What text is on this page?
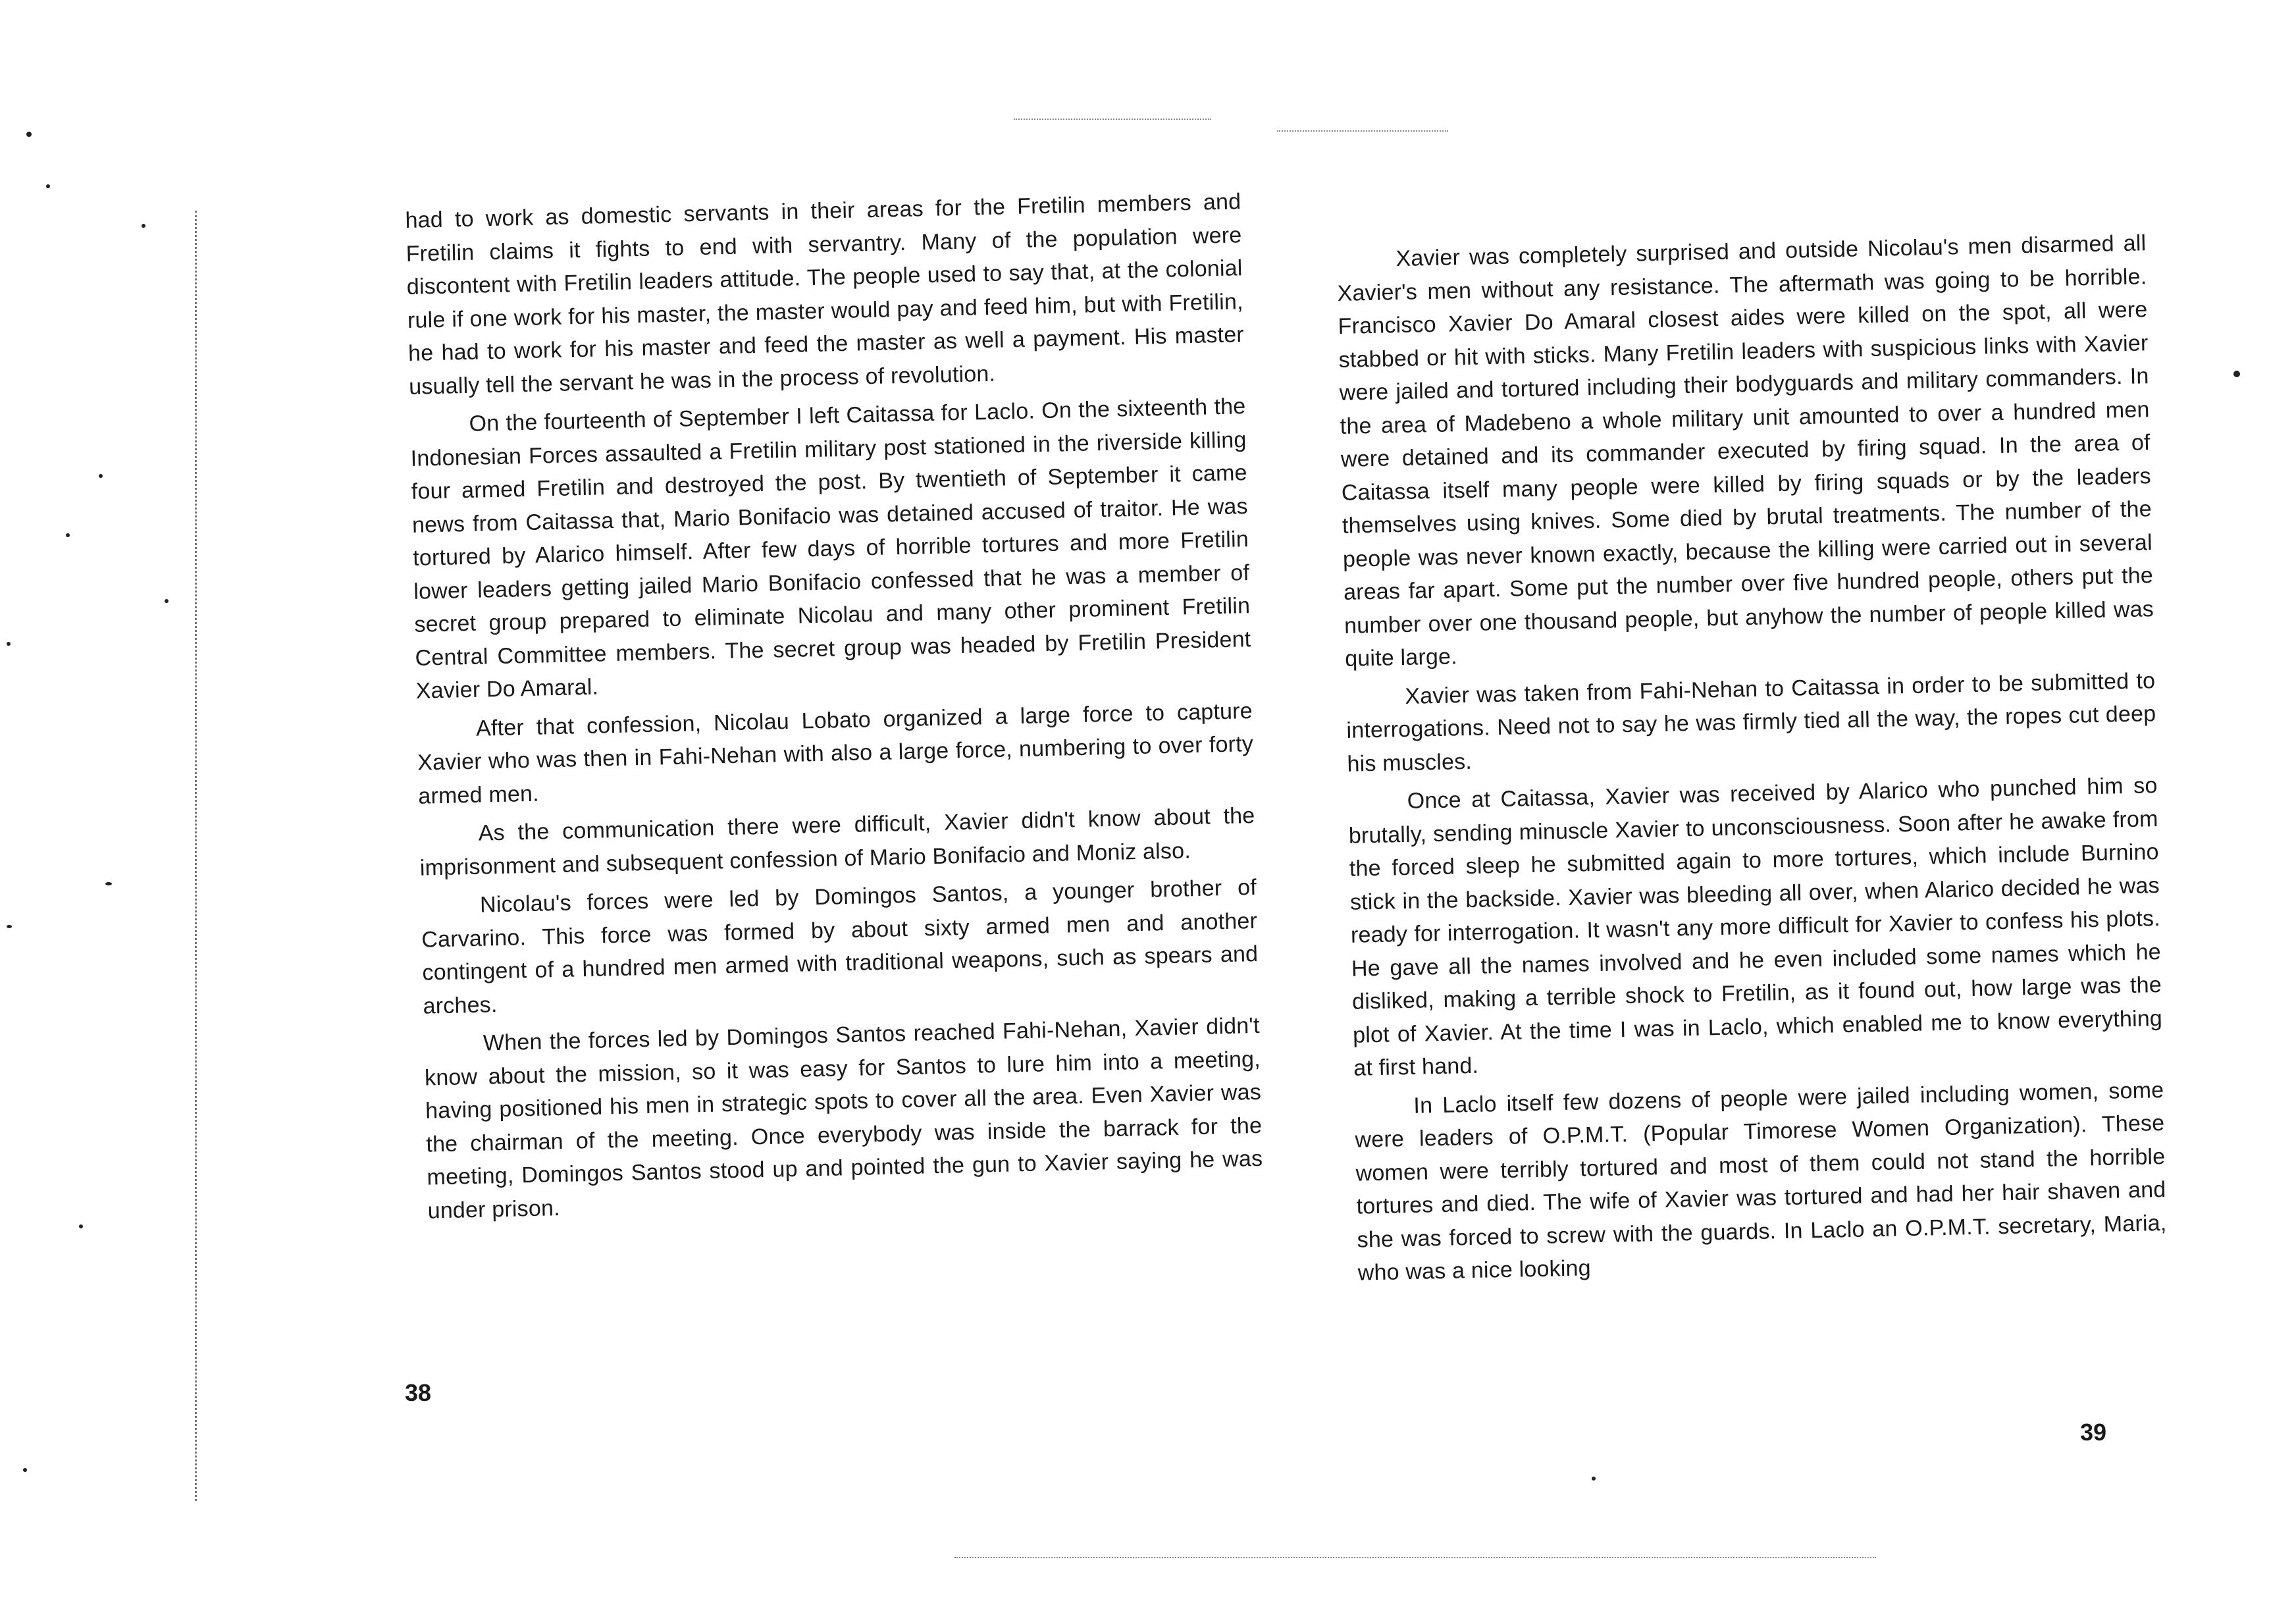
had to work as domestic servants in their areas for the Fretilin members and Fretilin claims it fights to end with servantry. Many of the population were discontent with Fretilin leaders attitude. The people used to say that, at the colonial rule if one work for his master, the master would pay and feed him, but with Fretilin, he had to work for his master and feed the master as well a payment. His master usually tell the servant he was in the process of revolution.

On the fourteenth of September I left Caitassa for Laclo. On the sixteenth the Indonesian Forces assaulted a Fretilin military post stationed in the riverside killing four armed Fretilin and destroyed the post. By twentieth of September it came news from Caitassa that, Mario Bonifacio was detained accused of traitor. He was tortured by Alarico himself. After few days of horrible tortures and more Fretilin lower leaders getting jailed Mario Bonifacio confessed that he was a member of secret group prepared to eliminate Nicolau and many other prominent Fretilin Central Committee members. The secret group was headed by Fretilin President Xavier Do Amaral.

After that confession, Nicolau Lobato organized a large force to capture Xavier who was then in Fahi-Nehan with also a large force, numbering to over forty armed men.

As the communication there were difficult, Xavier didn't know about the imprisonment and subsequent confession of Mario Bonifacio and Moniz also.

Nicolau's forces were led by Domingos Santos, a younger brother of Carvarino. This force was formed by about sixty armed men and another contingent of a hundred men armed with traditional weapons, such as spears and arches.

When the forces led by Domingos Santos reached Fahi-Nehan, Xavier didn't know about the mission, so it was easy for Santos to lure him into a meeting, having positioned his men in strategic spots to cover all the area. Even Xavier was the chairman of the meeting. Once everybody was inside the barrack for the meeting, Domingos Santos stood up and pointed the gun to Xavier saying he was under prison.

38

Xavier was completely surprised and outside Nicolau's men disarmed all Xavier's men without any resistance. The aftermath was going to be horrible. Francisco Xavier Do Amaral closest aides were killed on the spot, all were stabbed or hit with sticks. Many Fretilin leaders with suspicious links with Xavier were jailed and tortured including their bodyguards and military commanders. In the area of Madebeno a whole military unit amounted to over a hundred men were detained and its commander executed by firing squad. In the area of Caitassa itself many people were killed by firing squads or by the leaders themselves using knives. Some died by brutal treatments. The number of the people was never known exactly, because the killing were carried out in several areas far apart. Some put the number over five hundred people, others put the number over one thousand people, but anyhow the number of people killed was quite large.

Xavier was taken from Fahi-Nehan to Caitassa in order to be submitted to interrogations. Need not to say he was firmly tied all the way, the ropes cut deep his muscles.

Once at Caitassa, Xavier was received by Alarico who punched him so brutally, sending minuscle Xavier to unconsciousness. Soon after he awake from the forced sleep he submitted again to more tortures, which include Burnino stick in the backside. Xavier was bleeding all over, when Alarico decided he was ready for interrogation. It wasn't any more difficult for Xavier to confess his plots. He gave all the names involved and he even included some names which he disliked, making a terrible shock to Fretilin, as it found out, how large was the plot of Xavier. At the time I was in Laclo, which enabled me to know everything at first hand.

In Laclo itself few dozens of people were jailed including women, some were leaders of O.P.M.T. (Popular Timorese Women Organization). These women were terribly tortured and most of them could not stand the horrible tortures and died. The wife of Xavier was tortured and had her hair shaven and she was forced to screw with the guards. In Laclo an O.P.M.T. secretary, Maria, who was a nice looking

39
